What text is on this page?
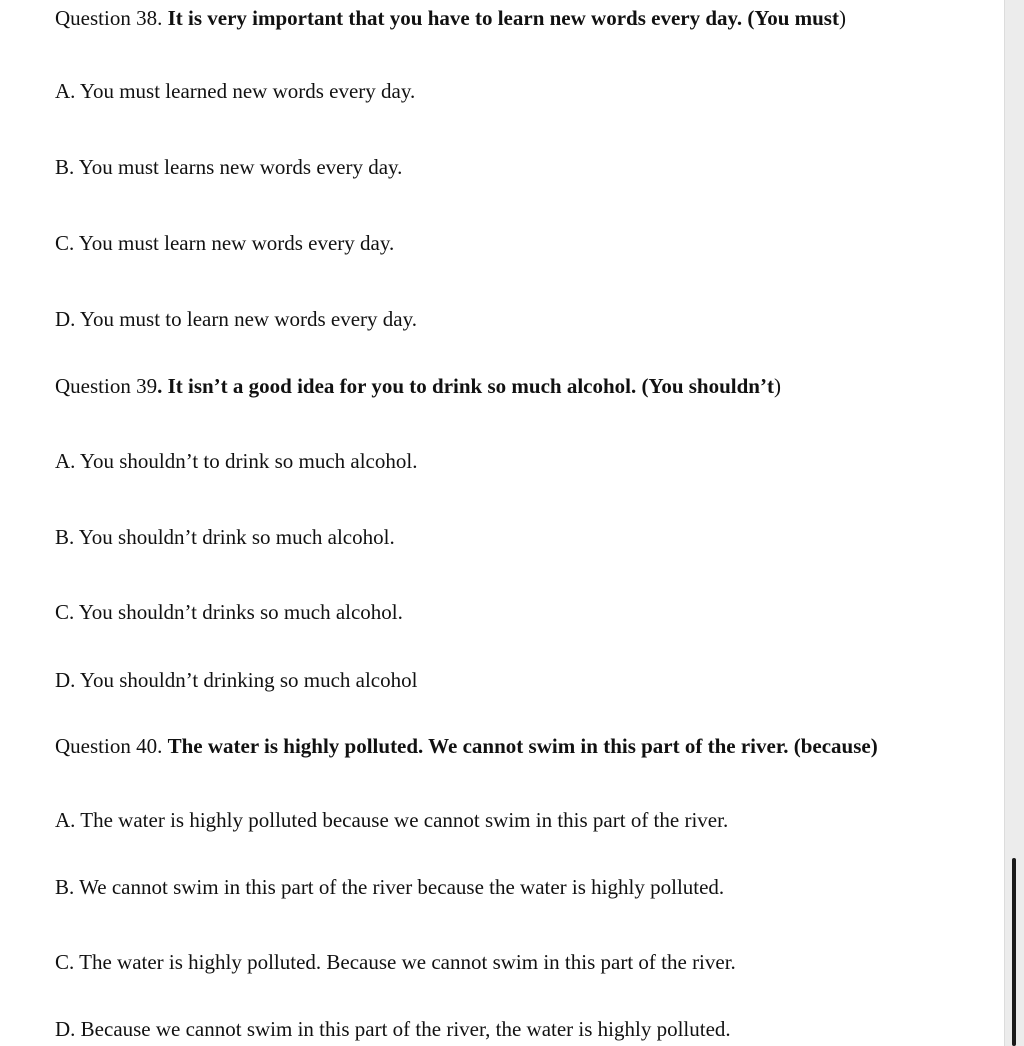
Question 38. It is very important that you have to learn new words every day. (You must)
A. You must learned new words every day.
B. You must learns new words every day.
C. You must learn new words every day.
D. You must to learn new words every day.
Question 39. It isn’t a good idea for you to drink so much alcohol. (You shouldn’t)
A. You shouldn’t to drink so much alcohol.
B. You shouldn’t drink so much alcohol.
C. You shouldn’t drinks so much alcohol.
D. You shouldn’t drinking so much alcohol
Question 40. The water is highly polluted. We cannot swim in this part of the river. (because)
A. The water is highly polluted because we cannot swim in this part of the river.
B. We cannot swim in this part of the river because the water is highly polluted.
C. The water is highly polluted. Because we cannot swim in this part of the river.
D. Because we cannot swim in this part of the river, the water is highly polluted.
